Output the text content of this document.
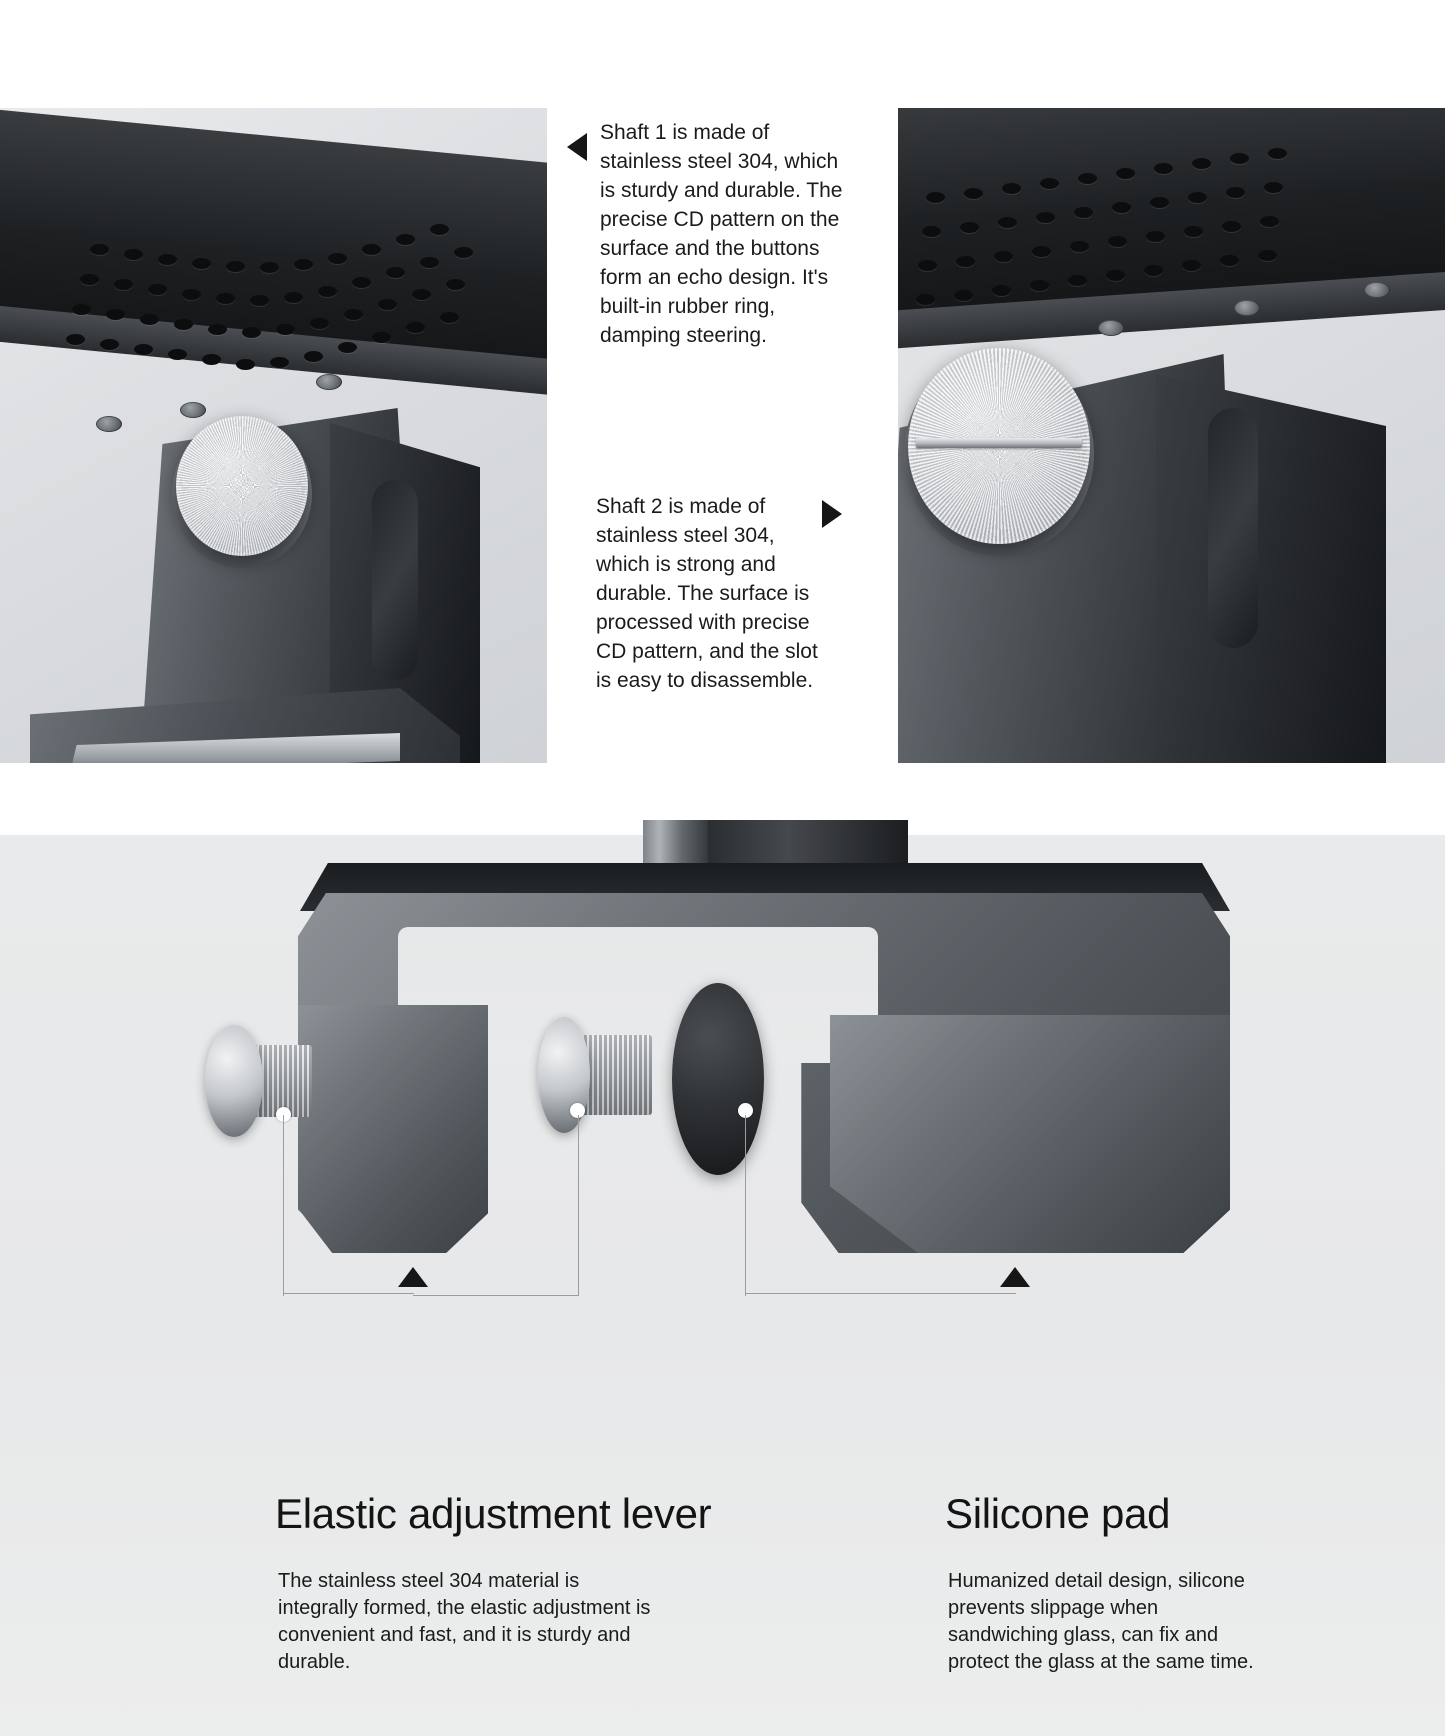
Shaft 1 is made of stainless steel 304, which is sturdy and durable. The precise CD pattern on the surface and the buttons form an echo design. It's built-in rubber ring, damping steering.

Shaft 2 is made of stainless steel 304, which is strong and durable. The surface is processed with precise CD pattern, and the slot is easy to disassemble.

Elastic adjustment lever

The stainless steel 304 material is integrally formed, the elastic adjustment is convenient and fast, and it is sturdy and durable.

Silicone pad

Humanized detail design, silicone prevents slippage when sandwiching glass, can fix and protect the glass at the same time.
